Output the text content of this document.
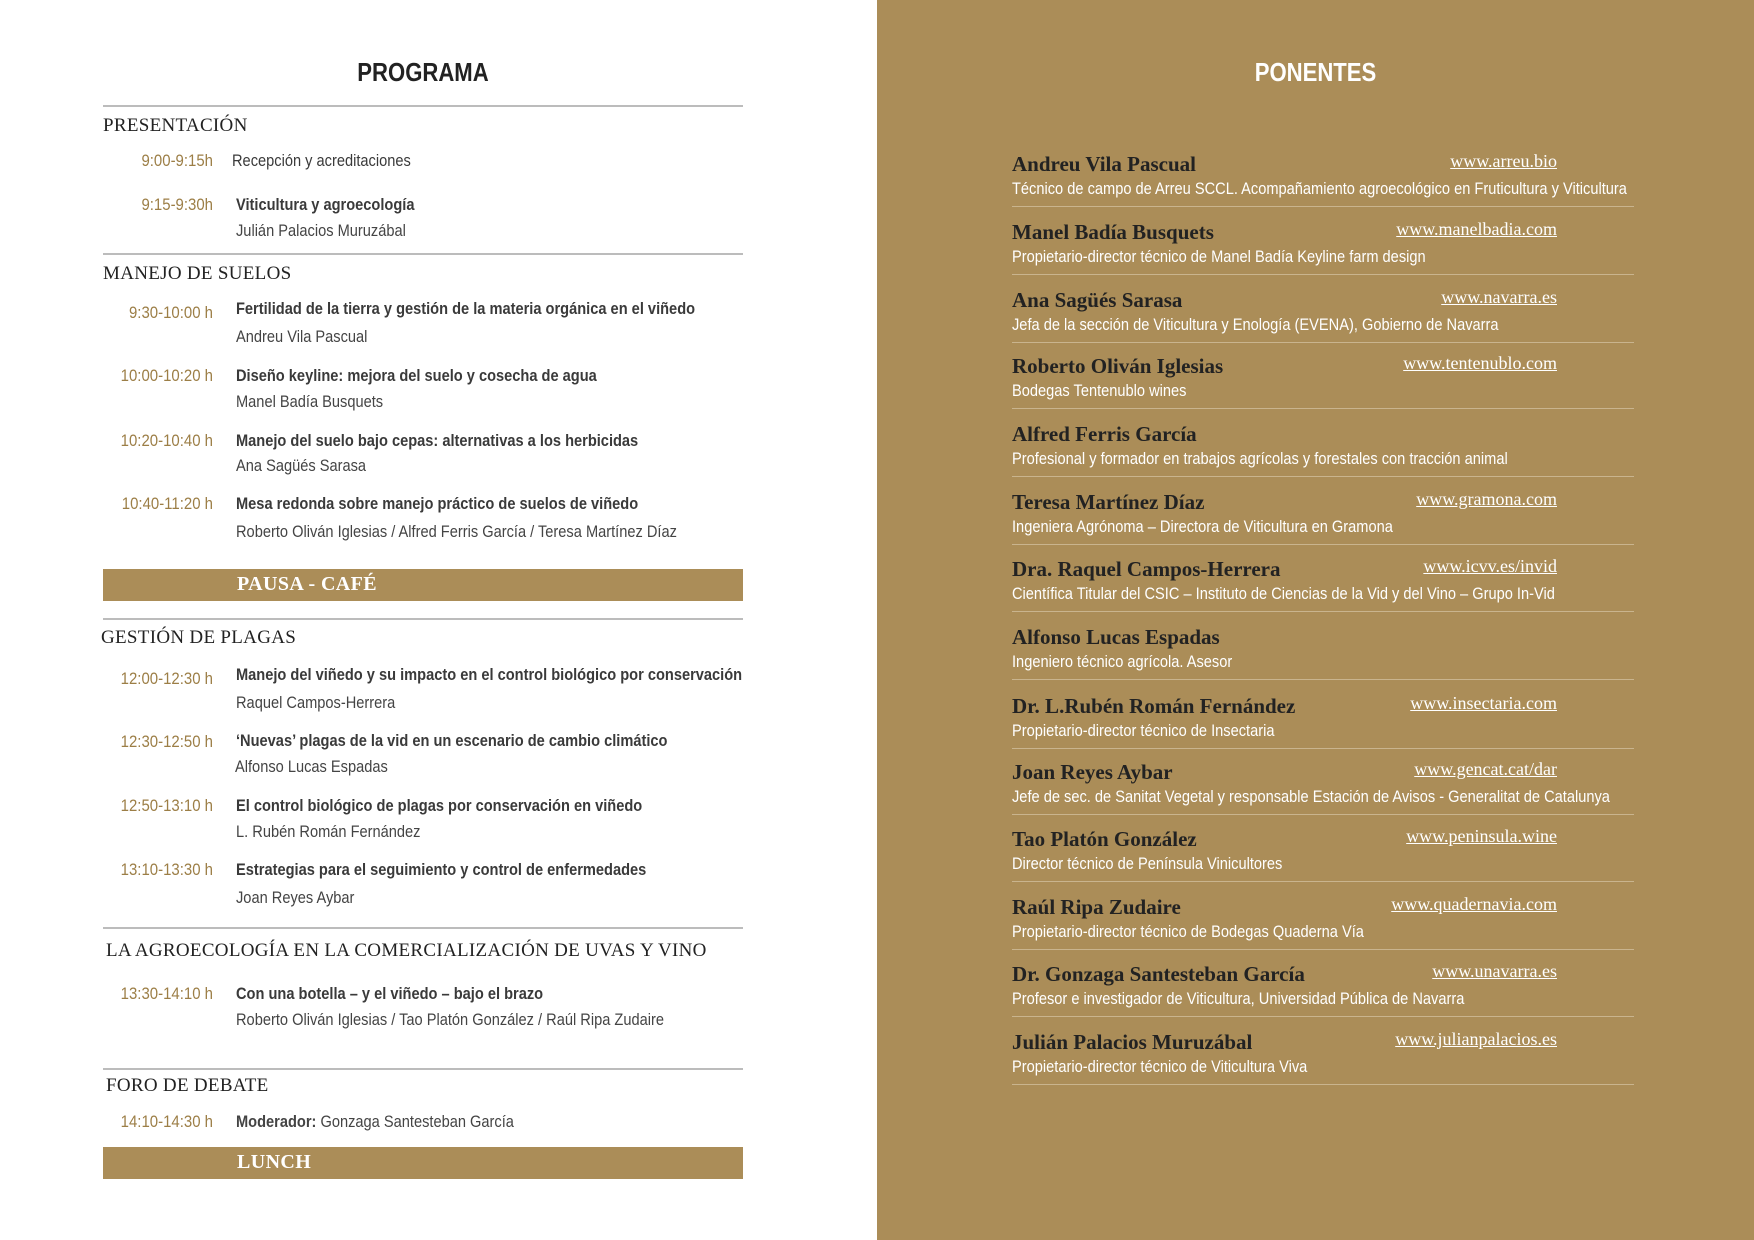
PROGRAMA
PRESENTACIÓN
9:00-9:15h Recepción y acreditaciones
9:15-9:30h Viticultura y agroecología
Julián Palacios Muruzábal
MANEJO DE SUELOS
9:30-10:00 h Fertilidad de la tierra y gestión de la materia orgánica en el viñedo
Andreu Vila Pascual
10:00-10:20 h Diseño keyline: mejora del suelo y cosecha de agua
Manel Badía Busquets
10:20-10:40 h Manejo del suelo bajo cepas: alternativas a los herbicidas
Ana Sagüés Sarasa
10:40-11:20 h Mesa redonda sobre manejo práctico de suelos de viñedo
Roberto Oliván Iglesias / Alfred Ferris García / Teresa Martínez Díaz
PAUSA - CAFÉ
GESTIÓN DE PLAGAS
12:00-12:30 h Manejo del viñedo y su impacto en el control biológico por conservación
Raquel Campos-Herrera
12:30-12:50 h ‘Nuevas’ plagas de la vid en un escenario de cambio climático
Alfonso Lucas Espadas
12:50-13:10 h El control biológico de plagas por conservación en viñedo
L. Rubén Román Fernández
13:10-13:30 h Estrategias para el seguimiento y control de enfermedades
Joan Reyes Aybar
LA AGROECOLOGÍA EN LA COMERCIALIZACIÓN DE UVAS Y VINO
13:30-14:10 h Con una botella – y el viñedo – bajo el brazo
Roberto Oliván Iglesias / Tao Platón González / Raúl Ripa Zudaire
FORO DE DEBATE
14:10-14:30 h Moderador: Gonzaga Santesteban García
LUNCH
PONENTES
Andreu Vila Pascual	www.arreu.bio
Técnico de campo de Arreu SCCL. Acompañamiento agroecológico en Fruticultura y Viticultura
Manel Badía Busquets	www.manelbadia.com
Propietario-director técnico de Manel Badía Keyline farm design
Ana Sagüés Sarasa	www.navarra.es
Jefa de la sección de Viticultura y Enología (EVENA), Gobierno de Navarra
Roberto Oliván Iglesias	www.tentenublo.com
Bodegas Tentenublo wines
Alfred Ferris García
Profesional y formador en trabajos agrícolas y forestales con tracción animal
Teresa Martínez Díaz	www.gramona.com
Ingeniera Agrónoma – Directora de Viticultura en Gramona
Dra. Raquel Campos-Herrera	www.icvv.es/invid
Científica Titular del CSIC – Instituto de Ciencias de la Vid y del Vino – Grupo In-Vid
Alfonso Lucas Espadas
Ingeniero técnico agrícola. Asesor
Dr. L.Rubén Román Fernández	www.insectaria.com
Propietario-director técnico de Insectaria
Joan Reyes Aybar	www.gencat.cat/dar
Jefe de sec. de Sanitat Vegetal y responsable Estación de Avisos - Generalitat de Catalunya
Tao Platón González	www.peninsula.wine
Director técnico de Península Vinicultores
Raúl Ripa Zudaire	www.quadernavia.com
Propietario-director técnico de Bodegas Quaderna Vía
Dr. Gonzaga Santesteban García	www.unavarra.es
Profesor e investigador de Viticultura, Universidad Pública de Navarra
Julián Palacios Muruzábal	www.julianpalacios.es
Propietario-director técnico de Viticultura Viva
